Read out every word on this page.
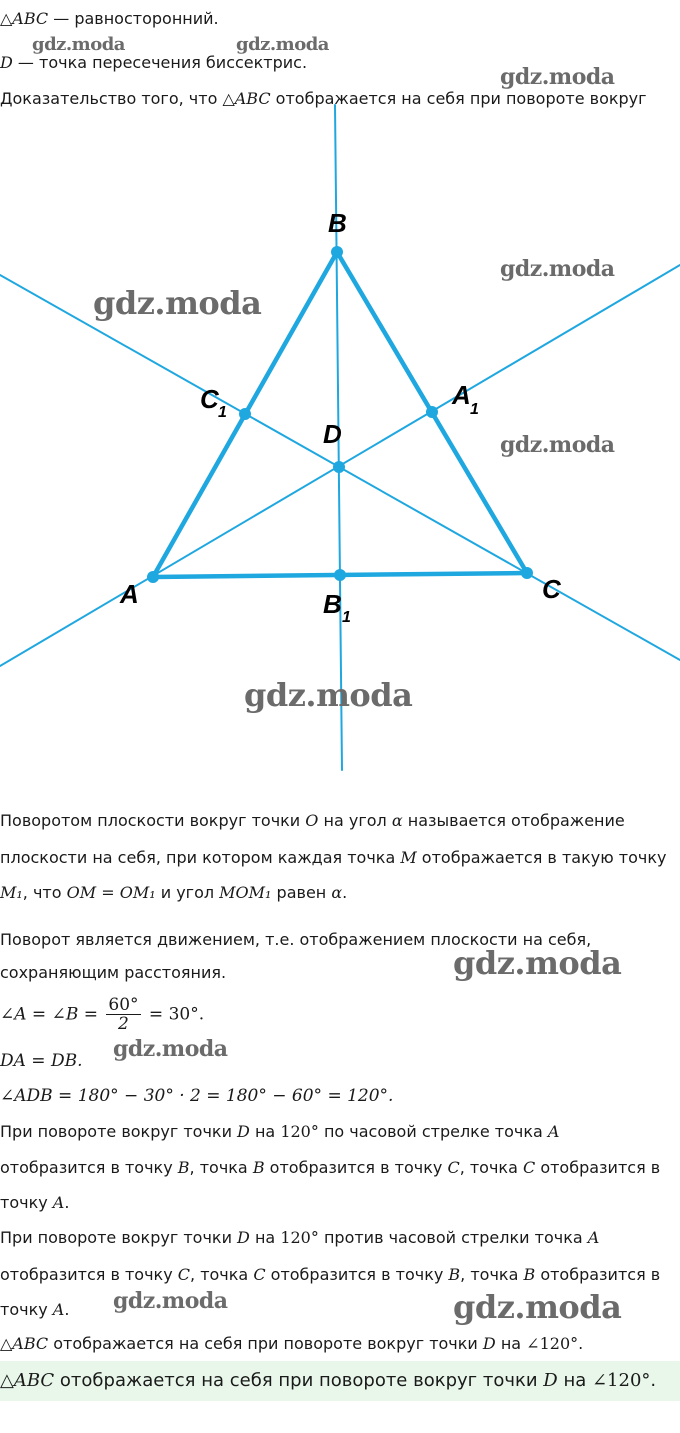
△ABC — равносторонний.
D — точка пересечения биссектрис.
Доказательство того, что △ABC отображается на себя при повороте вокруг
B
A	C
D
C 1
A 1
B 1
Поворотом плоскости вокруг точки O на угол α называется отображение
плоскости на себя, при котором каждая точка M отображается в такую точку
M₁, что OM = OM₁ и угол MOM₁ равен α.
Поворот является движением, т.е. отображением плоскости на себя,
сохраняющим расстояния.
∠A = ∠B = $\frac{60^\circ}{2} = 30^\circ$.
DA = DB.
∠ADB = 180° − 30° · 2 = 180° − 60° = 120°.
При повороте вокруг точки D на 120° по часовой стрелке точка A
отобразится в точку B, точка B отобразится в точку C, точка C отобразится в
точку A.
При повороте вокруг точки D на 120° против часовой стрелки точка A
отобразится в точку C, точка C отобразится в точку B, точка B отобразится в
точку A.
△ABC отображается на себя при повороте вокруг точки D на ∠120°.
△ABC отображается на себя при повороте вокруг точки D на ∠120°.
gdz.moda	gdz.moda
gdz.moda
gdz.moda
gdz.moda
gdz.moda
gdz.moda
gdz.moda
gdz.moda
gdz.moda	gdz.moda
